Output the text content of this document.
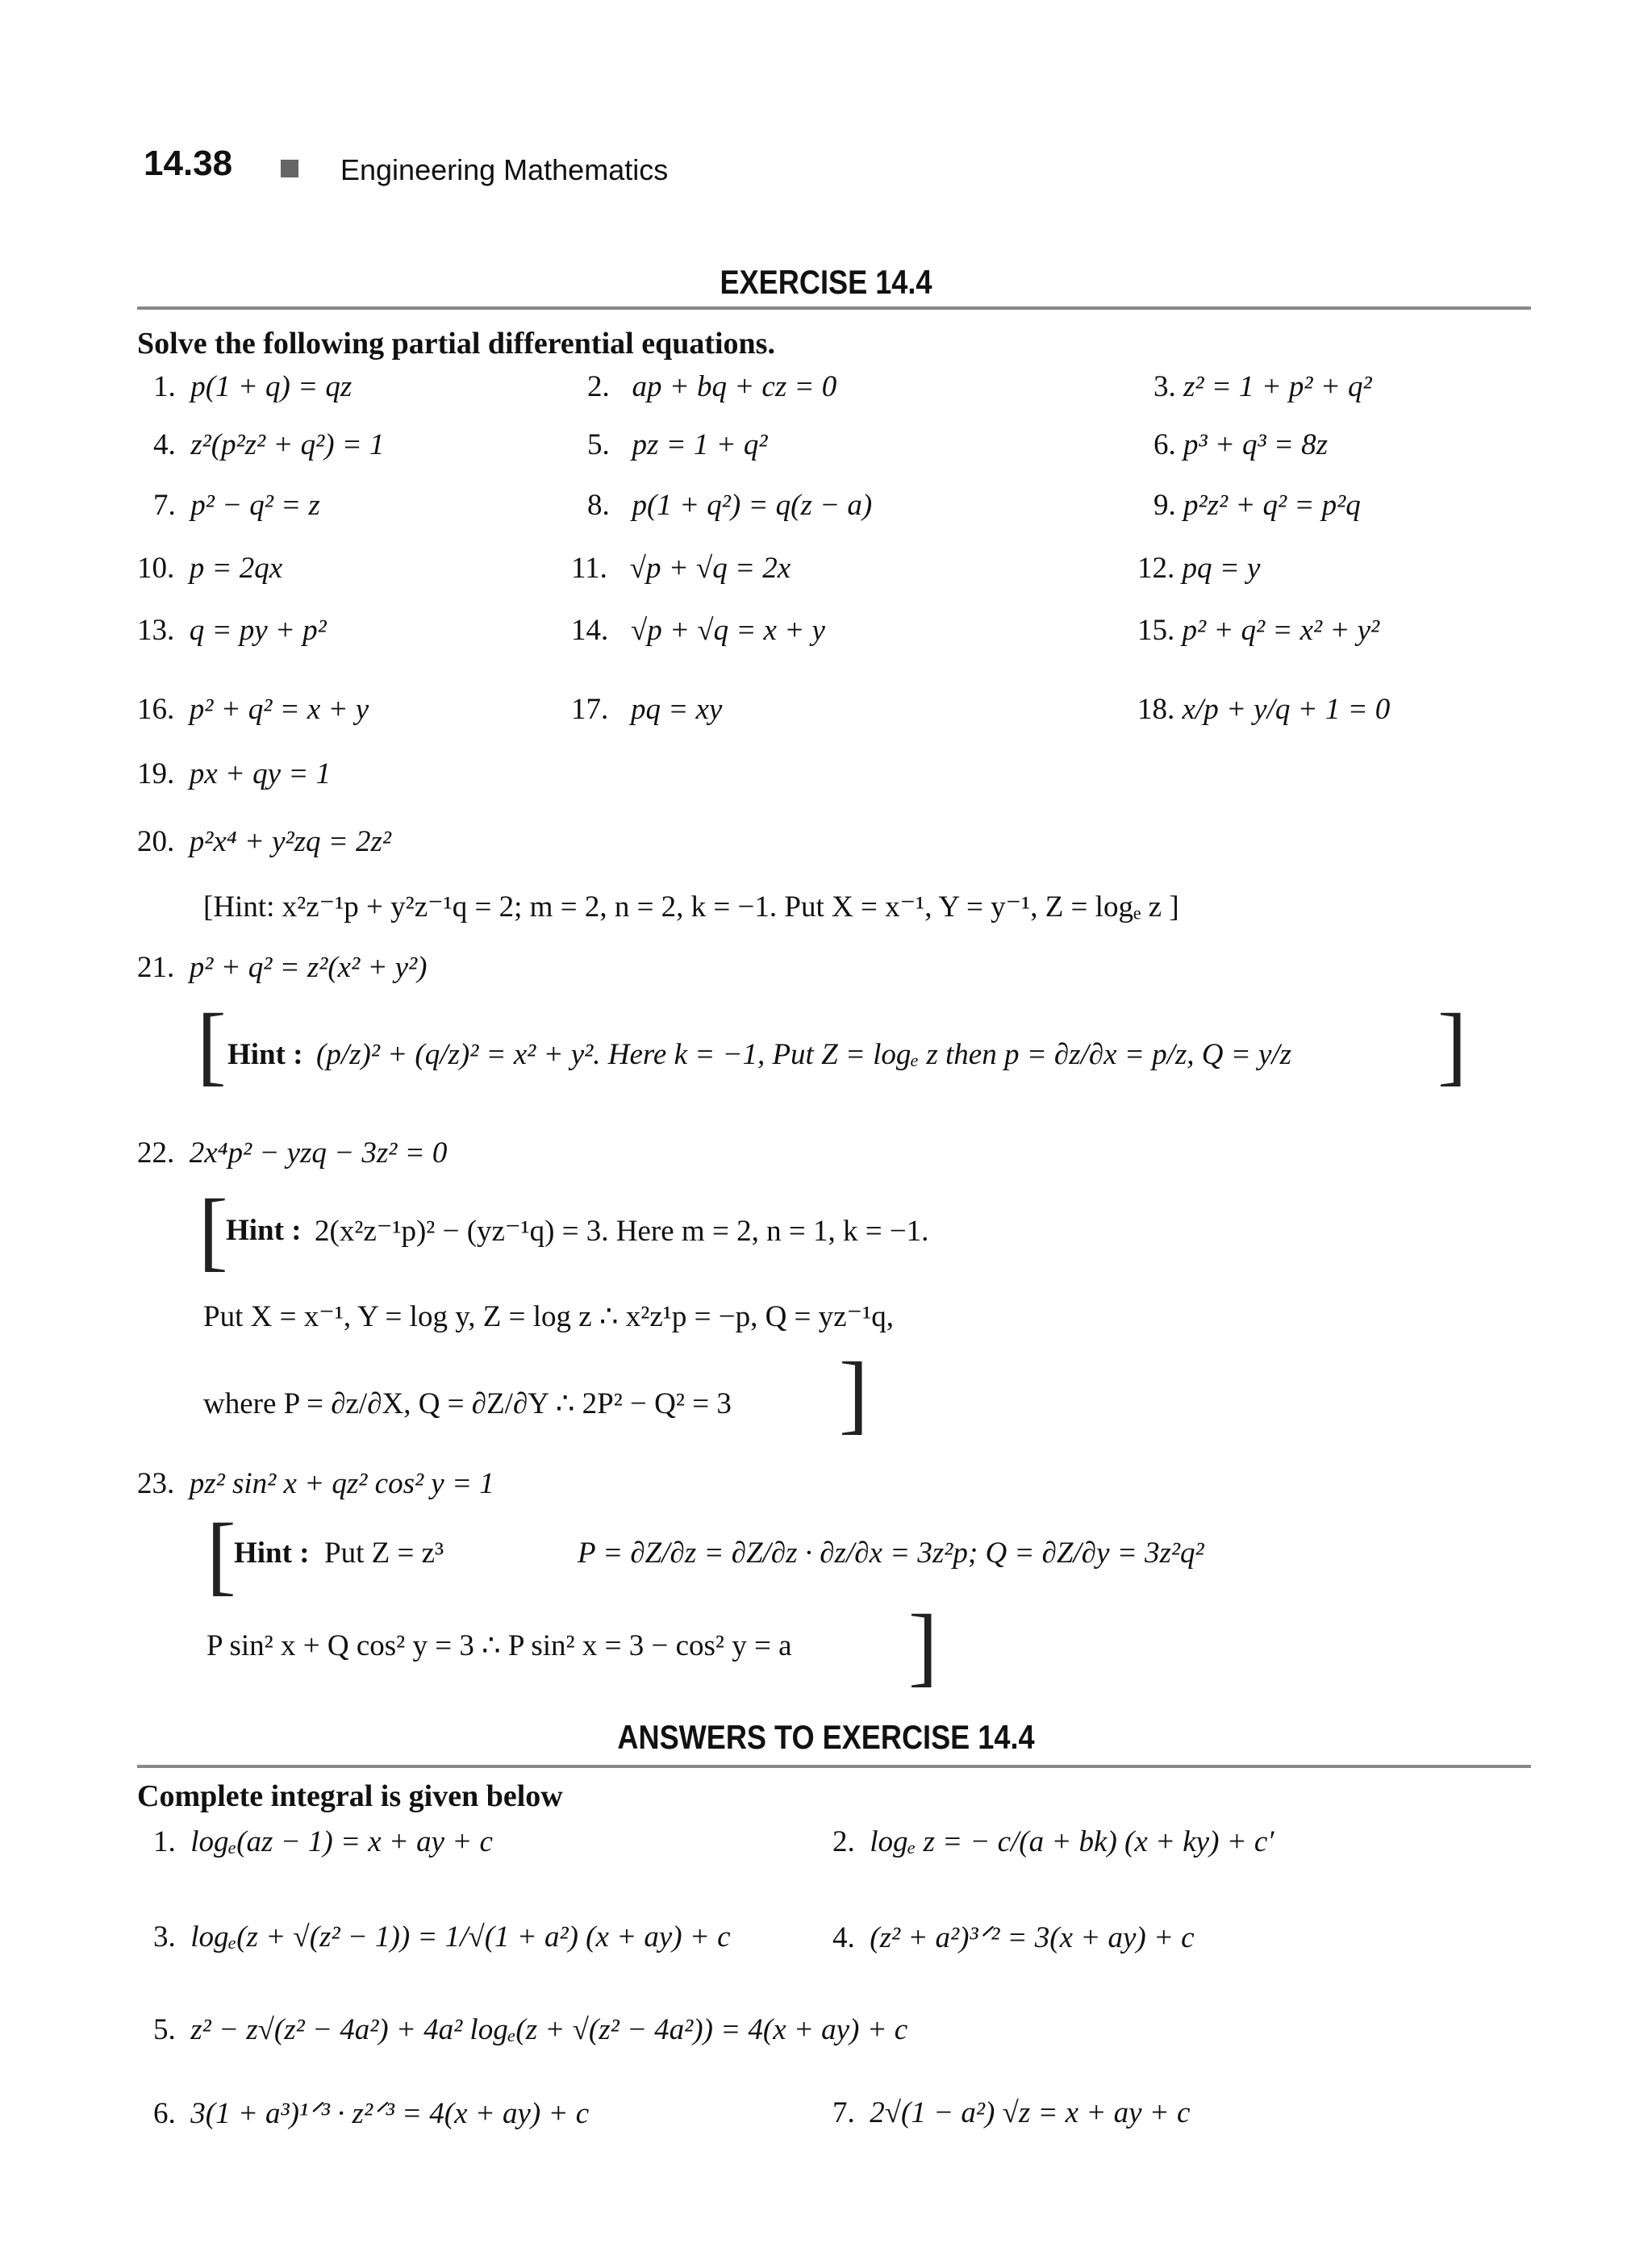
14.38	Engineering Mathematics
EXERCISE 14.4
Solve the following partial differential equations.
1. p(1 + q) = qz	2. ap + bq + cz = 0	3. z² = 1 + p² + q²
4. z²(p²z² + q²) = 1	5. pz = 1 + q²	6. p³ + q³ = 8z
7. p² − q² = z	8. p(1 + q²) = q(z − a)	9. p²z² + q² = p²q
10. p = 2qx	11. √p + √q = 2x	12. pq = y
13. q = py + p²	14. √p + √q = x + y	15. p² + q² = x² + y²
16. p² + q² = x + y	17. pq = xy	18. x/p + y/q + 1 = 0
19. px + qy = 1
20. p²x⁴ + y²zq = 2z²
[Hint: x²z⁻¹p + y²z⁻¹q = 2; m = 2, n = 2, k = −1. Put X = x⁻¹, Y = y⁻¹, Z = logₑ z ]
21. p² + q² = z²(x² + y²)
[ Hint : (p/z)² + (q/z)² = x² + y². Here k = −1, Put Z = logₑ z then p = ∂z/∂x = p/z, Q = y/z ]
22. 2x⁴p² − yzq − 3z² = 0
[
Hint : 2(x²z⁻¹p)² − (yz⁻¹q) = 3. Here m = 2, n = 1, k = −1.
Put X = x⁻¹, Y = log y, Z = log z ∴ x²z¹p = −p, Q = yz⁻¹q,
where P = ∂z/∂X, Q = ∂Z/∂Y ∴ 2P² − Q² = 3 ]
23. pz² sin² x + qz² cos² y = 1
[
Hint : Put Z = z³	P = ∂Z/∂z = ∂Z/∂z · ∂z/∂x = 3z²p; Q = ∂Z/∂y = 3z²q²
P sin² x + Q cos² y = 3 ∴ P sin² x = 3 − cos² y = a ]
ANSWERS TO EXERCISE 14.4
Complete integral is given below
1. logₑ(az − 1) = x + ay + c	2. logₑ z = − c/(a + bk) (x + ky) + c′
3. logₑ(z + √(z² − 1)) = 1/√(1 + a²) (x + ay) + c	4. (z² + a²)³ᐟ² = 3(x + ay) + c
5. z² − z√(z² − 4a²) + 4a² logₑ(z + √(z² − 4a²)) = 4(x + ay) + c
6. 3(1 + a³)¹ᐟ³ · z²ᐟ³ = 4(x + ay) + c	7. 2√(1 − a²) √z = x + ay + c
